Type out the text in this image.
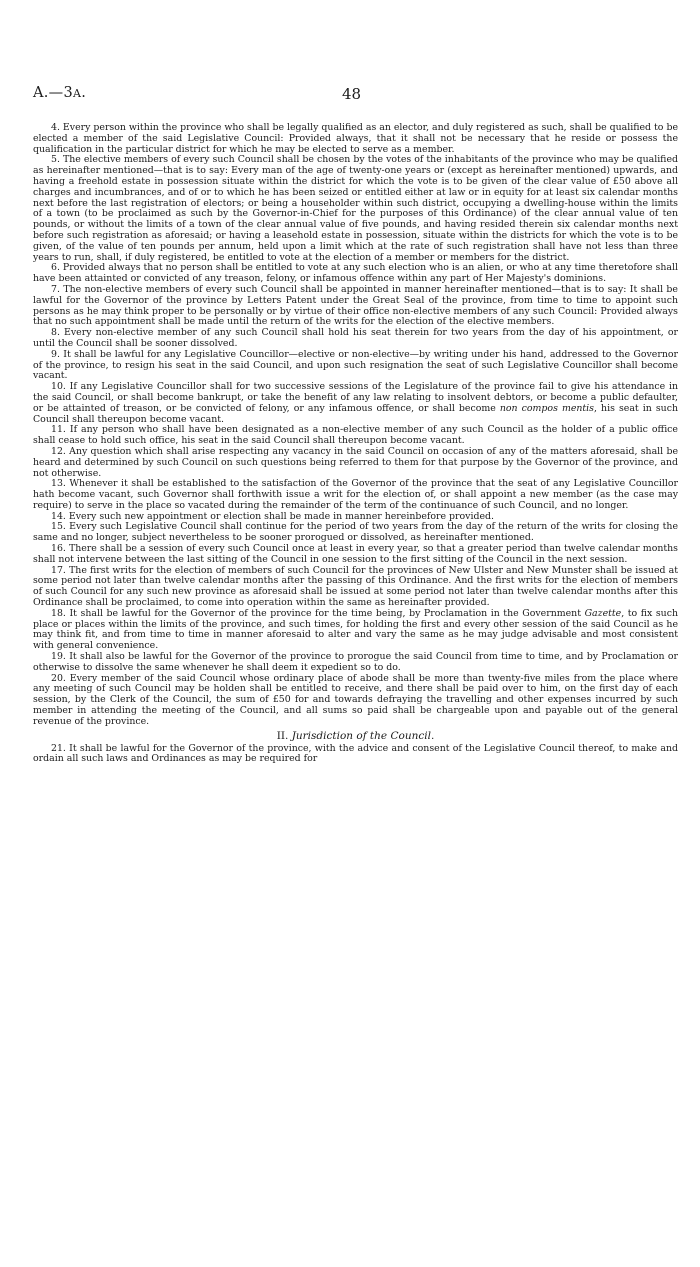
A.—3A.	48

4. Every person within the province who shall be legally qualified as an elector, and duly registered as such, shall be qualified to be elected a member of the said Legislative Council: Provided always, that it shall not be necessary that he reside or possess the qualification in the particular district for which he may be elected to serve as a member.

5. The elective members of every such Council shall be chosen by the votes of the inhabitants of the province who may be qualified as hereinafter mentioned—that is to say: Every man of the age of twenty-one years or (except as hereinafter mentioned) upwards, and having a freehold estate in possession situate within the district for which the vote is to be given of the clear value of £50 above all charges and incumbrances, and of or to which he has been seized or entitled either at law or in equity for at least six calendar months next before the last registration of electors; or being a householder within such district, occupying a dwelling-house within the limits of a town (to be proclaimed as such by the Governor-in-Chief for the purposes of this Ordinance) of the clear annual value of ten pounds, or without the limits of a town of the clear annual value of five pounds, and having resided therein six calendar months next before such registration as aforesaid; or having a leasehold estate in possession, situate within the districts for which the vote is to be given, of the value of ten pounds per annum, held upon a limit which at the rate of such registration shall have not less than three years to run, shall, if duly registered, be entitled to vote at the election of a member or members for the district.

6. Provided always that no person shall be entitled to vote at any such election who is an alien, or who at any time theretofore shall have been attainted or convicted of any treason, felony, or infamous offence within any part of Her Majesty's dominions.

7. The non-elective members of every such Council shall be appointed in manner hereinafter mentioned—that is to say: It shall be lawful for the Governor of the province by Letters Patent under the Great Seal of the province, from time to time to appoint such persons as he may think proper to be personally or by virtue of their office non-elective members of any such Council: Provided always that no such appointment shall be made until the return of the writs for the election of the elective members.

8. Every non-elective member of any such Council shall hold his seat therein for two years from the day of his appointment, or until the Council shall be sooner dissolved.

9. It shall be lawful for any Legislative Councillor—elective or non-elective—by writing under his hand, addressed to the Governor of the province, to resign his seat in the said Council, and upon such resignation the seat of such Legislative Councillor shall become vacant.

10. If any Legislative Councillor shall for two successive sessions of the Legislature of the province fail to give his attendance in the said Council, or shall become bankrupt, or take the benefit of any law relating to insolvent debtors, or become a public defaulter, or be attainted of treason, or be convicted of felony, or any infamous offence, or shall become non compos mentis, his seat in such Council shall thereupon become vacant.

11. If any person who shall have been designated as a non-elective member of any such Council as the holder of a public office shall cease to hold such office, his seat in the said Council shall thereupon become vacant.

12. Any question which shall arise respecting any vacancy in the said Council on occasion of any of the matters aforesaid, shall be heard and determined by such Council on such questions being referred to them for that purpose by the Governor of the province, and not otherwise.

13. Whenever it shall be established to the satisfaction of the Governor of the province that the seat of any Legislative Councillor hath become vacant, such Governor shall forthwith issue a writ for the election of, or shall appoint a new member (as the case may require) to serve in the place so vacated during the remainder of the term of the continuance of such Council, and no longer.

14. Every such new appointment or election shall be made in manner hereinbefore provided.

15. Every such Legislative Council shall continue for the period of two years from the day of the return of the writs for closing the same and no longer, subject nevertheless to be sooner prorogued or dissolved, as hereinafter mentioned.

16. There shall be a session of every such Council once at least in every year, so that a greater period than twelve calendar months shall not intervene between the last sitting of the Council in one session to the first sitting of the Council in the next session.

17. The first writs for the election of members of such Council for the provinces of New Ulster and New Munster shall be issued at some period not later than twelve calendar months after the passing of this Ordinance. And the first writs for the election of members of such Council for any such new province as aforesaid shall be issued at some period not later than twelve calendar months after this Ordinance shall be proclaimed, to come into operation within the same as hereinafter provided.

18. It shall be lawful for the Governor of the province for the time being, by Proclamation in the Government Gazette, to fix such place or places within the limits of the province, and such times, for holding the first and every other session of the said Council as he may think fit, and from time to time in manner aforesaid to alter and vary the same as he may judge advisable and most consistent with general convenience.

19. It shall also be lawful for the Governor of the province to prorogue the said Council from time to time, and by Proclamation or otherwise to dissolve the same whenever he shall deem it expedient so to do.

20. Every member of the said Council whose ordinary place of abode shall be more than twenty-five miles from the place where any meeting of such Council may be holden shall be entitled to receive, and there shall be paid over to him, on the first day of each session, by the Clerk of the Council, the sum of £50 for and towards defraying the travelling and other expenses incurred by such member in attending the meeting of the Council, and all sums so paid shall be chargeable upon and payable out of the general revenue of the province.

II. Jurisdiction of the Council.

21. It shall be lawful for the Governor of the province, with the advice and consent of the Legislative Council thereof, to make and ordain all such laws and Ordinances as may be required for
